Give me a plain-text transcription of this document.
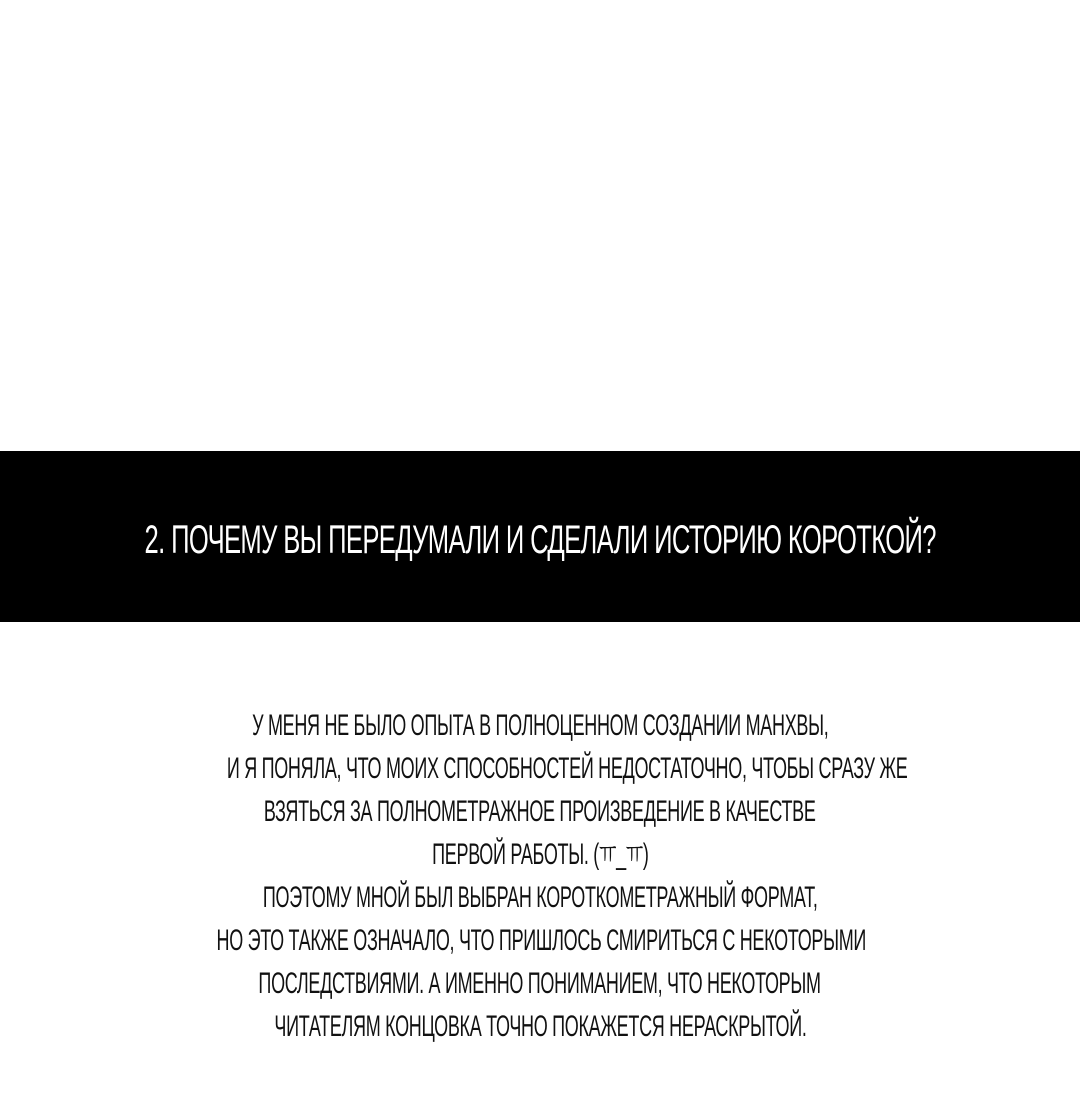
2. ПОЧЕМУ ВЫ ПЕРЕДУМАЛИ И СДЕЛАЛИ ИСТОРИЮ КОРОТКОЙ?
У МЕНЯ НЕ БЫЛО ОПЫТА В ПОЛНОЦЕННОМ СОЗДАНИИ МАНХВЫ,
И Я ПОНЯЛА, ЧТО МОИХ СПОСОБНОСТЕЙ НЕДОСТАТОЧНО, ЧТОБЫ СРАЗУ ЖЕ
ВЗЯТЬСЯ ЗА ПОЛНОМЕТРАЖНОЕ ПРОИЗВЕДЕНИЕ В КАЧЕСТВЕ
ПЕРВОЙ РАБОТЫ. (ㅠ_ㅠ)
ПОЭТОМУ МНОЙ БЫЛ ВЫБРАН КОРОТКОМЕТРАЖНЫЙ ФОРМАТ,
НО ЭТО ТАКЖЕ ОЗНАЧАЛО, ЧТО ПРИШЛОСЬ СМИРИТЬСЯ С НЕКОТОРЫМИ
ПОСЛЕДСТВИЯМИ. А ИМЕННО ПОНИМАНИЕМ, ЧТО НЕКОТОРЫМ
ЧИТАТЕЛЯМ КОНЦОВКА ТОЧНО ПОКАЖЕТСЯ НЕРАСКРЫТОЙ.
